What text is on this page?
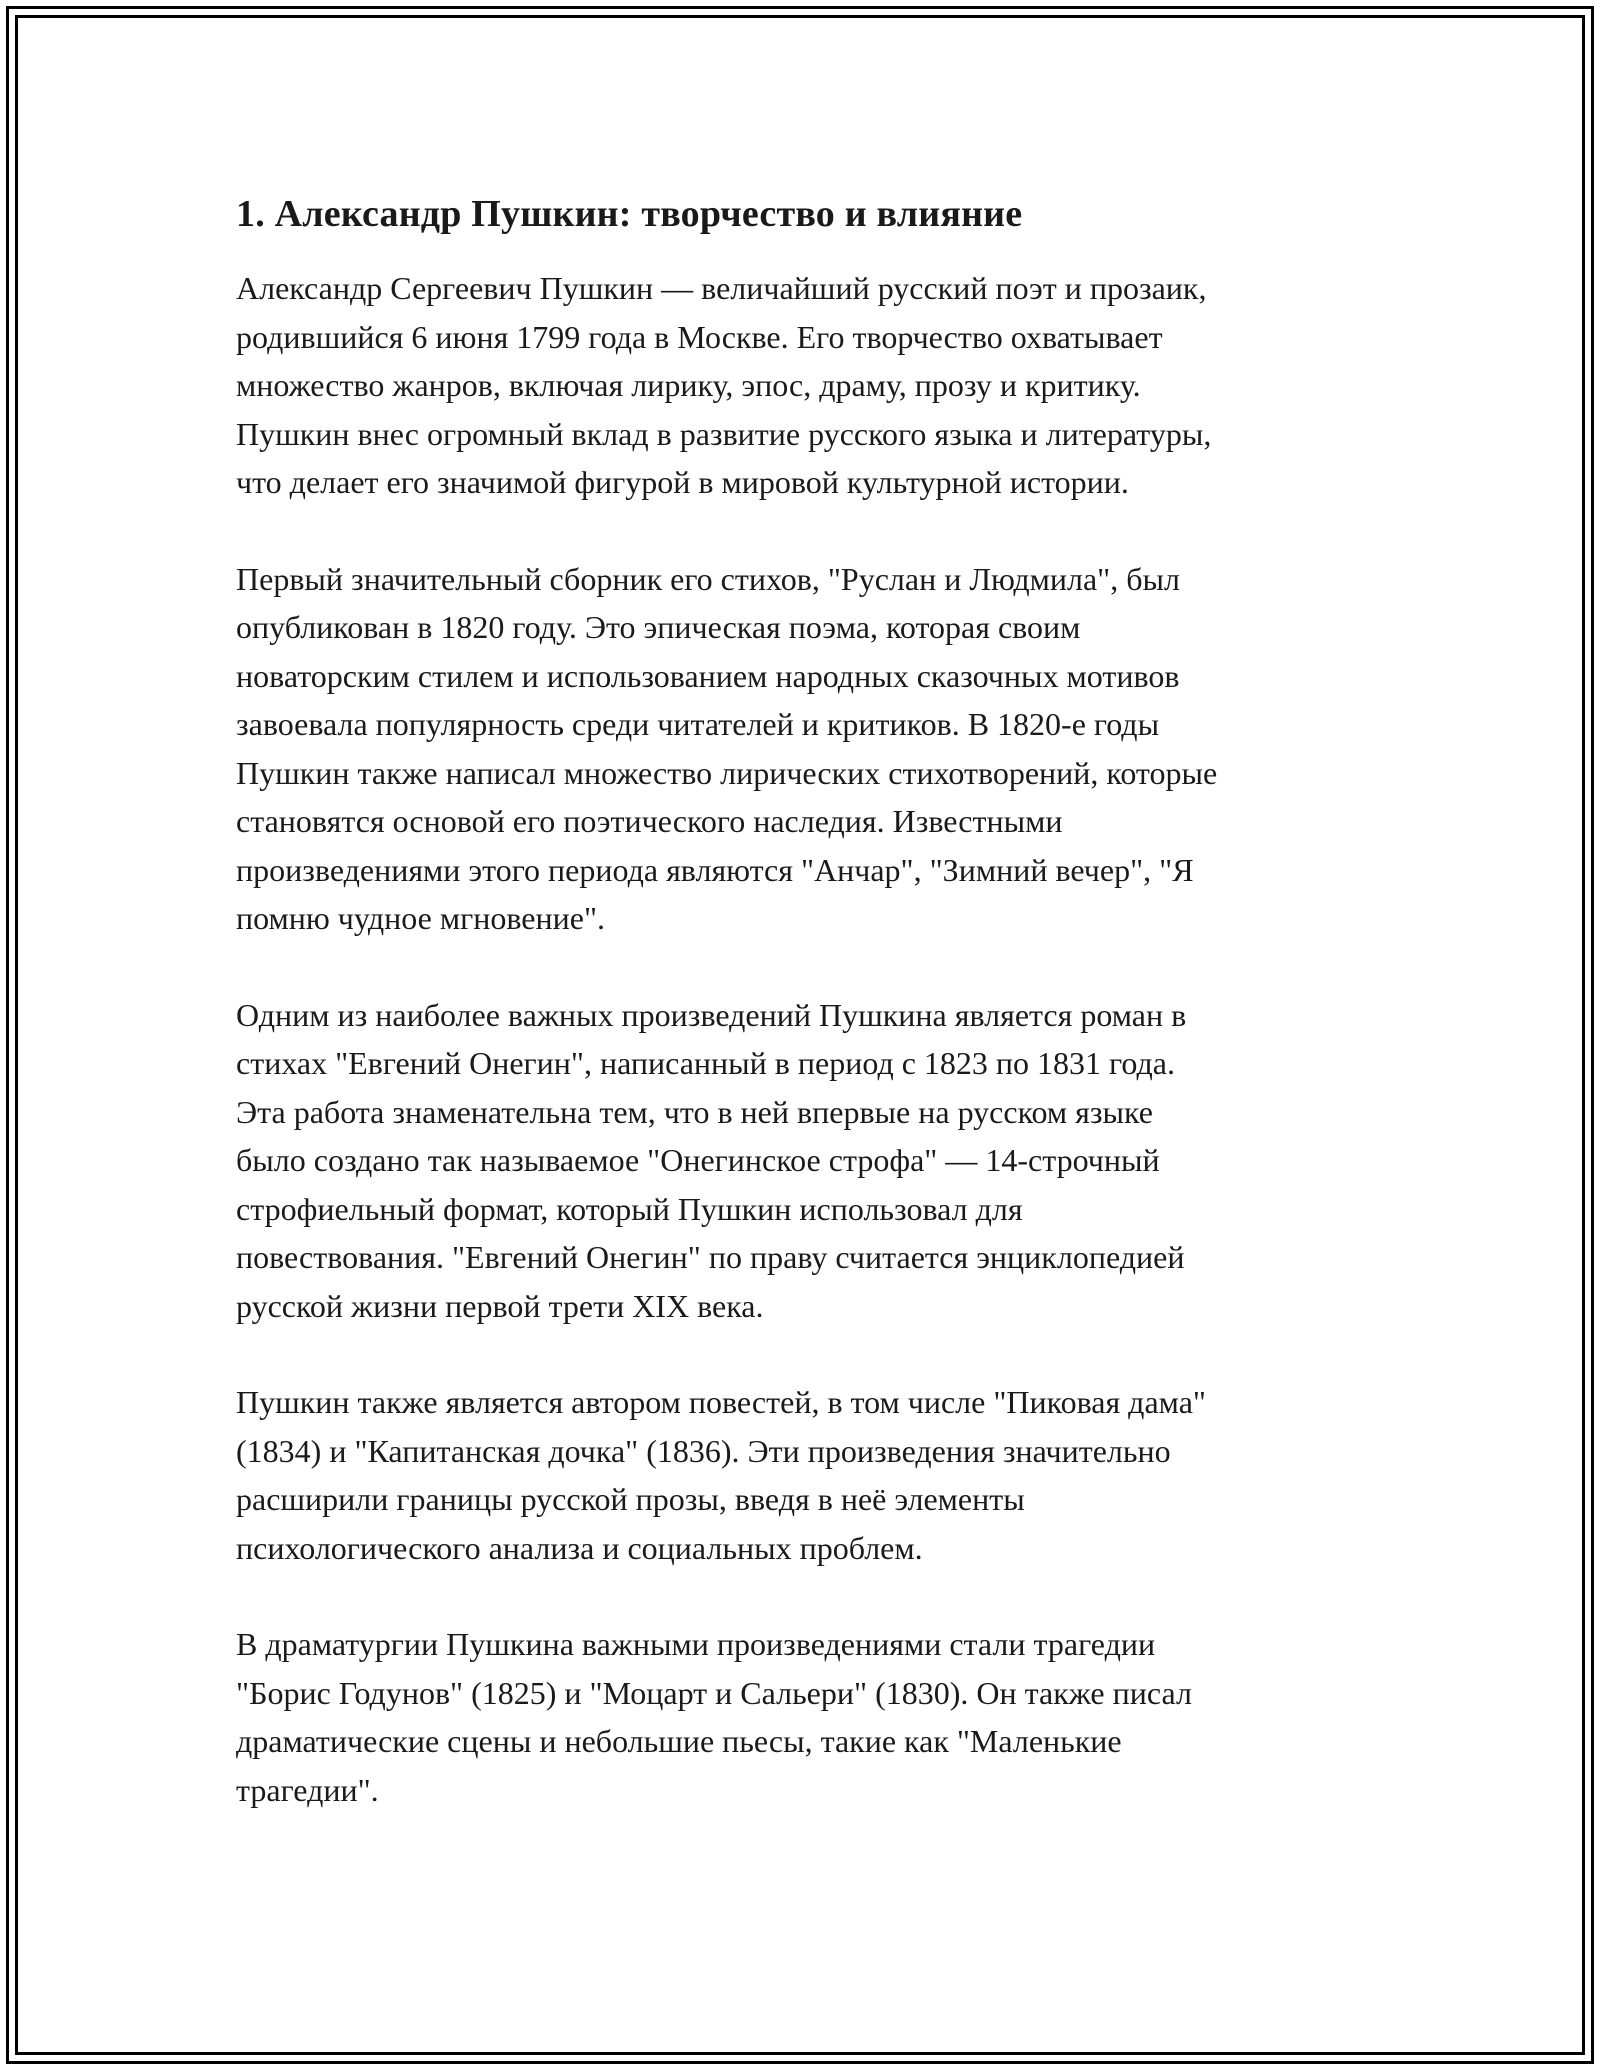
1. Александр Пушкин: творчество и влияние

Александр Сергеевич Пушкин — величайший русский поэт и прозаик,
родившийся 6 июня 1799 года в Москве. Его творчество охватывает
множество жанров, включая лирику, эпос, драму, прозу и критику.
Пушкин внес огромный вклад в развитие русского языка и литературы,
что делает его значимой фигурой в мировой культурной истории.

Первый значительный сборник его стихов, "Руслан и Людмила", был
опубликован в 1820 году. Это эпическая поэма, которая своим
новаторским стилем и использованием народных сказочных мотивов
завоевала популярность среди читателей и критиков. В 1820-е годы
Пушкин также написал множество лирических стихотворений, которые
становятся основой его поэтического наследия. Известными
произведениями этого периода являются "Анчар", "Зимний вечер", "Я
помню чудное мгновение".

Одним из наиболее важных произведений Пушкина является роман в
стихах "Евгений Онегин", написанный в период с 1823 по 1831 года.
Эта работа знаменательна тем, что в ней впервые на русском языке
было создано так называемое "Онегинское строфа" — 14-строчный
строфиельный формат, который Пушкин использовал для
повествования. "Евгений Онегин" по праву считается энциклопедией
русской жизни первой трети XIX века.

Пушкин также является автором повестей, в том числе "Пиковая дама"
(1834) и "Капитанская дочка" (1836). Эти произведения значительно
расширили границы русской прозы, введя в неё элементы
психологического анализа и социальных проблем.

В драматургии Пушкина важными произведениями стали трагедии
"Борис Годунов" (1825) и "Моцарт и Сальери" (1830). Он также писал
драматические сцены и небольшие пьесы, такие как "Маленькие
трагедии".
